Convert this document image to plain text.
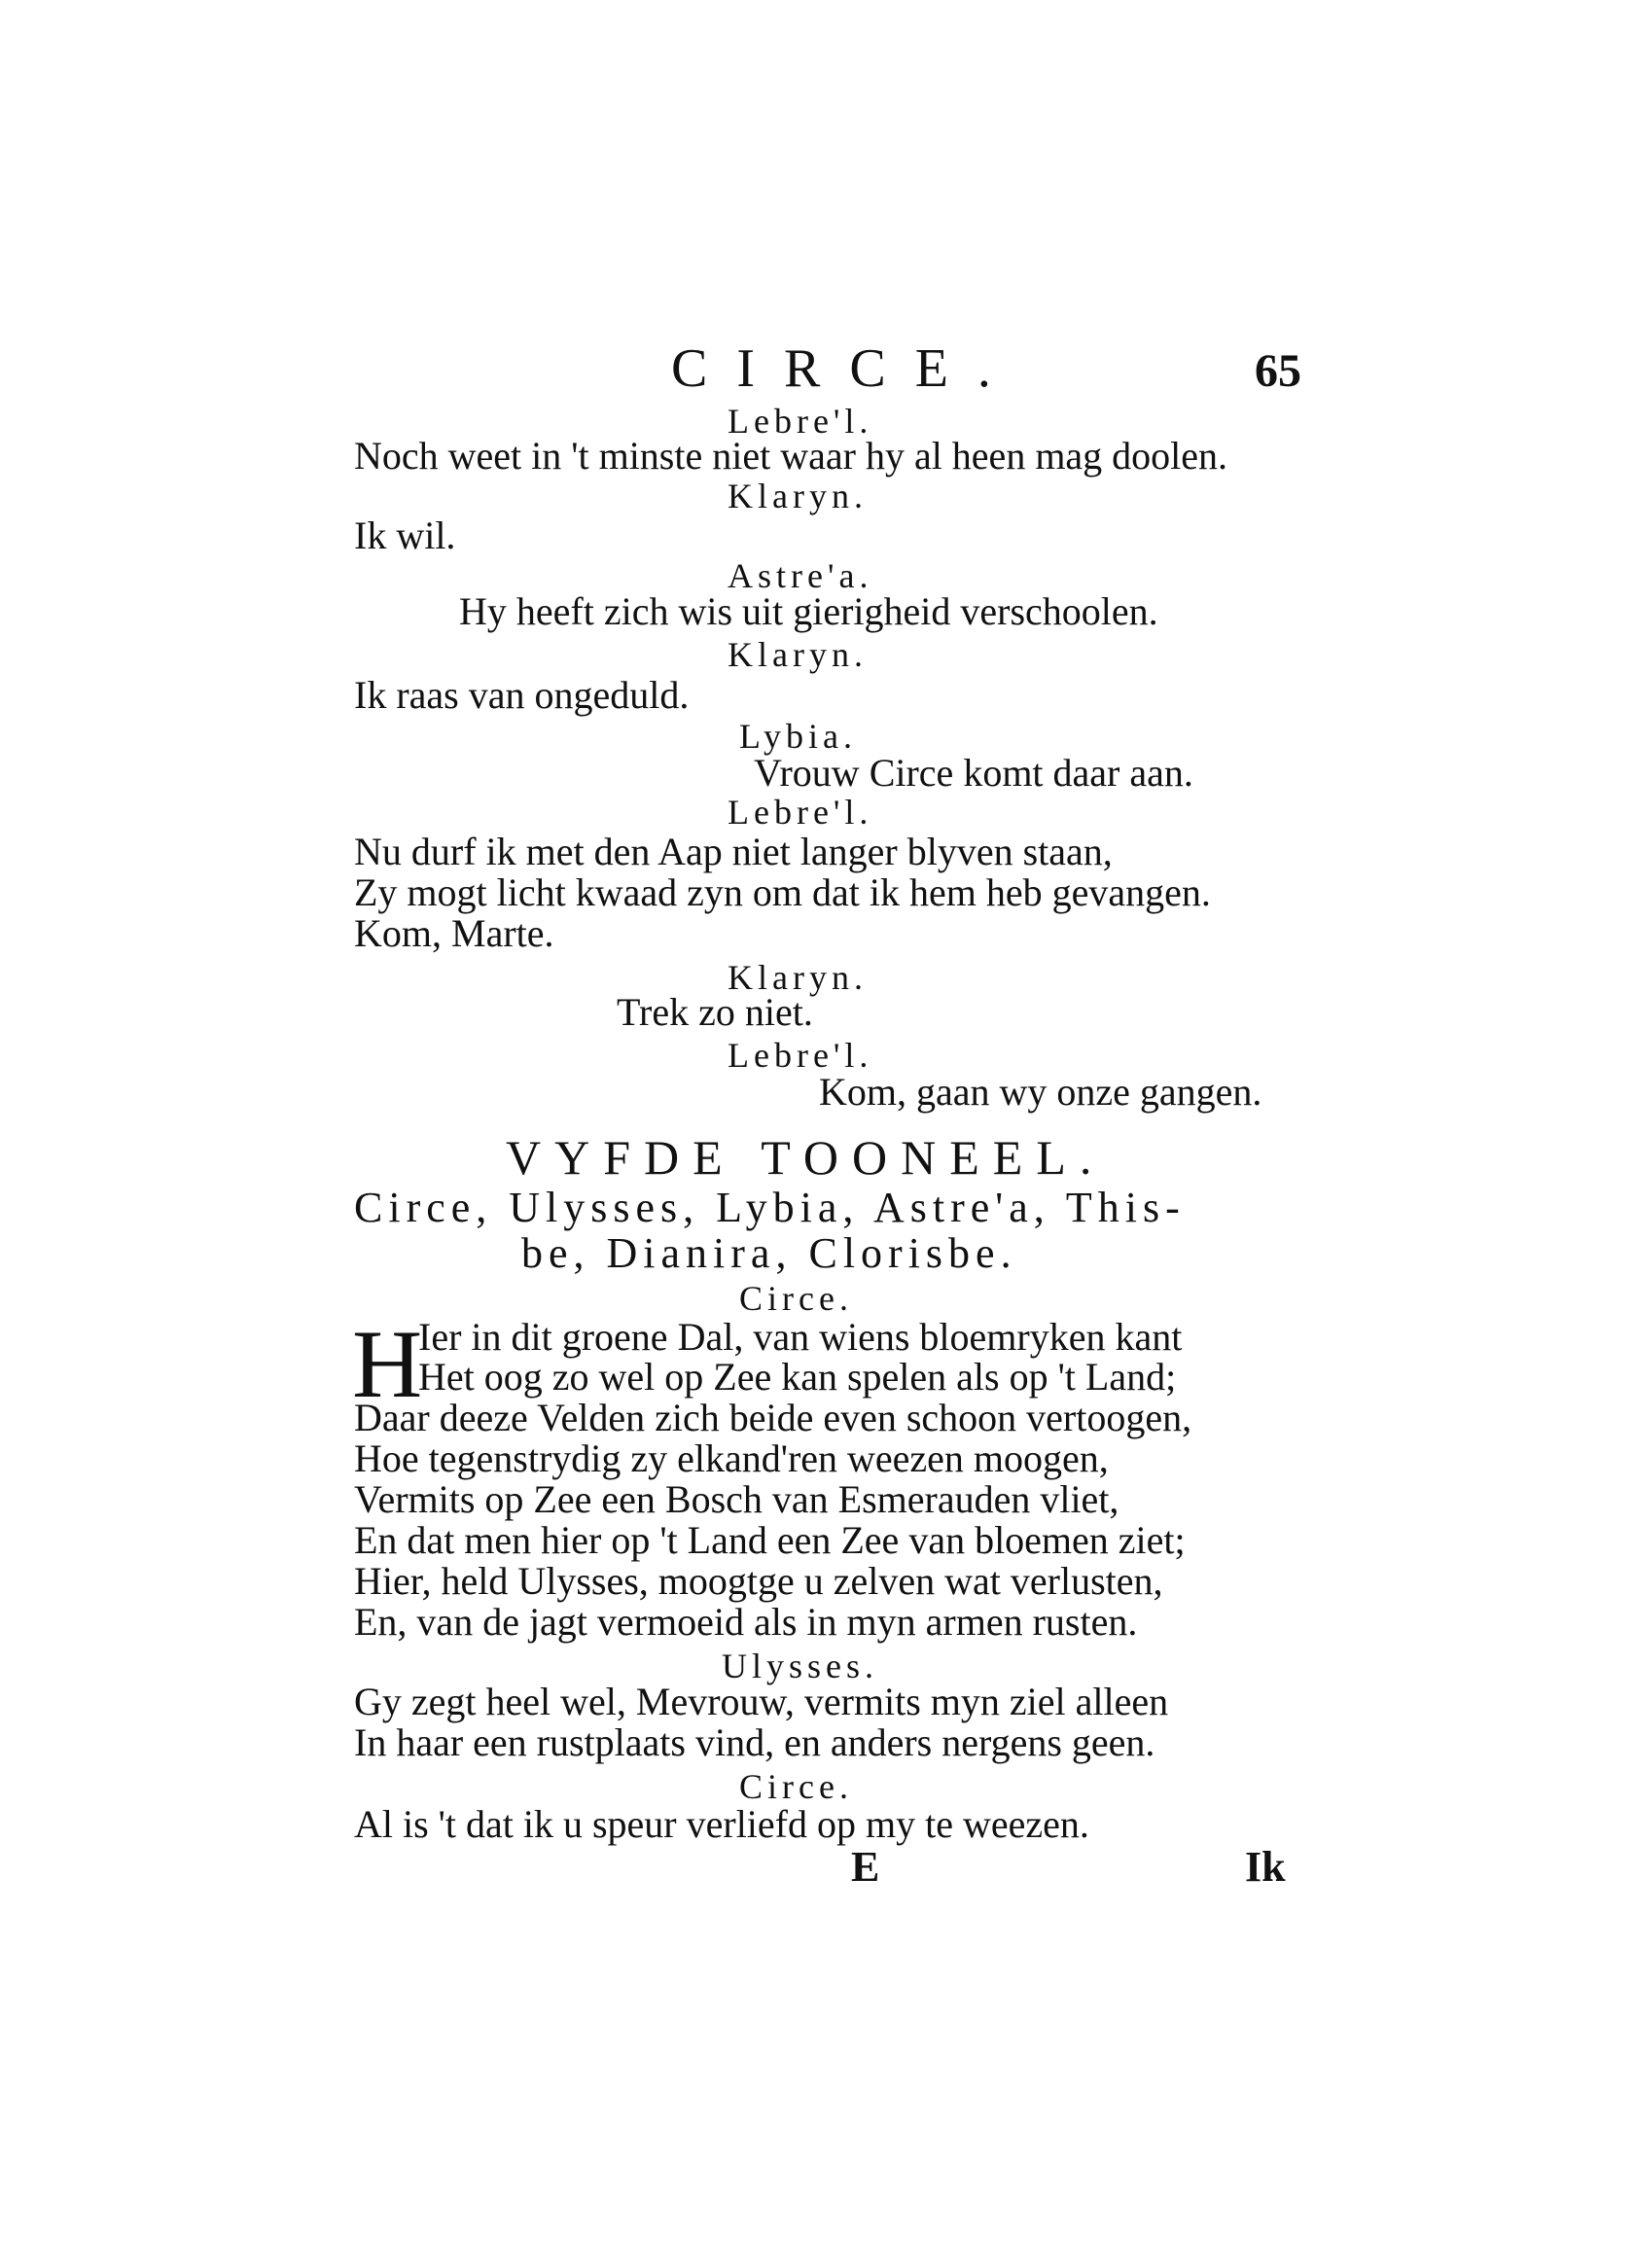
CIRCE.	65
Lebre'l.
Noch weet in 't minste niet waar hy al heen mag doolen.
Klaryn.
Ik wil.
Astre'a.
Hy heeft zich wis uit gierigheid verschoolen.
Klaryn.
Ik raas van ongeduld.
Lybia.
Vrouw Circe komt daar aan.
Lebre'l.
Nu durf ik met den Aap niet langer blyven staan,
Zy mogt licht kwaad zyn om dat ik hem heb gevangen.
Kom, Marte.
Klaryn.
Trek zo niet.
Lebre'l.
Kom, gaan wy onze gangen.
VYFDE TOONEEL.
Circe, Ulysses, Lybia, Astre'a, This-
be, Dianira, Clorisbe.
Circe.
H
Ier in dit groene Dal, van wiens bloemryken kant
Het oog zo wel op Zee kan spelen als op 't Land;
Daar deeze Velden zich beide even schoon vertoogen,
Hoe tegenstrydig zy elkand'ren weezen moogen,
Vermits op Zee een Bosch van Esmerauden vliet,
En dat men hier op 't Land een Zee van bloemen ziet;
Hier, held Ulysses, moogtge u zelven wat verlusten,
En, van de jagt vermoeid als in myn armen rusten.
Ulysses.
Gy zegt heel wel, Mevrouw, vermits myn ziel alleen
In haar een rustplaats vind, en anders nergens geen.
Circe.
Al is 't dat ik u speur verliefd op my te weezen.
E	Ik
